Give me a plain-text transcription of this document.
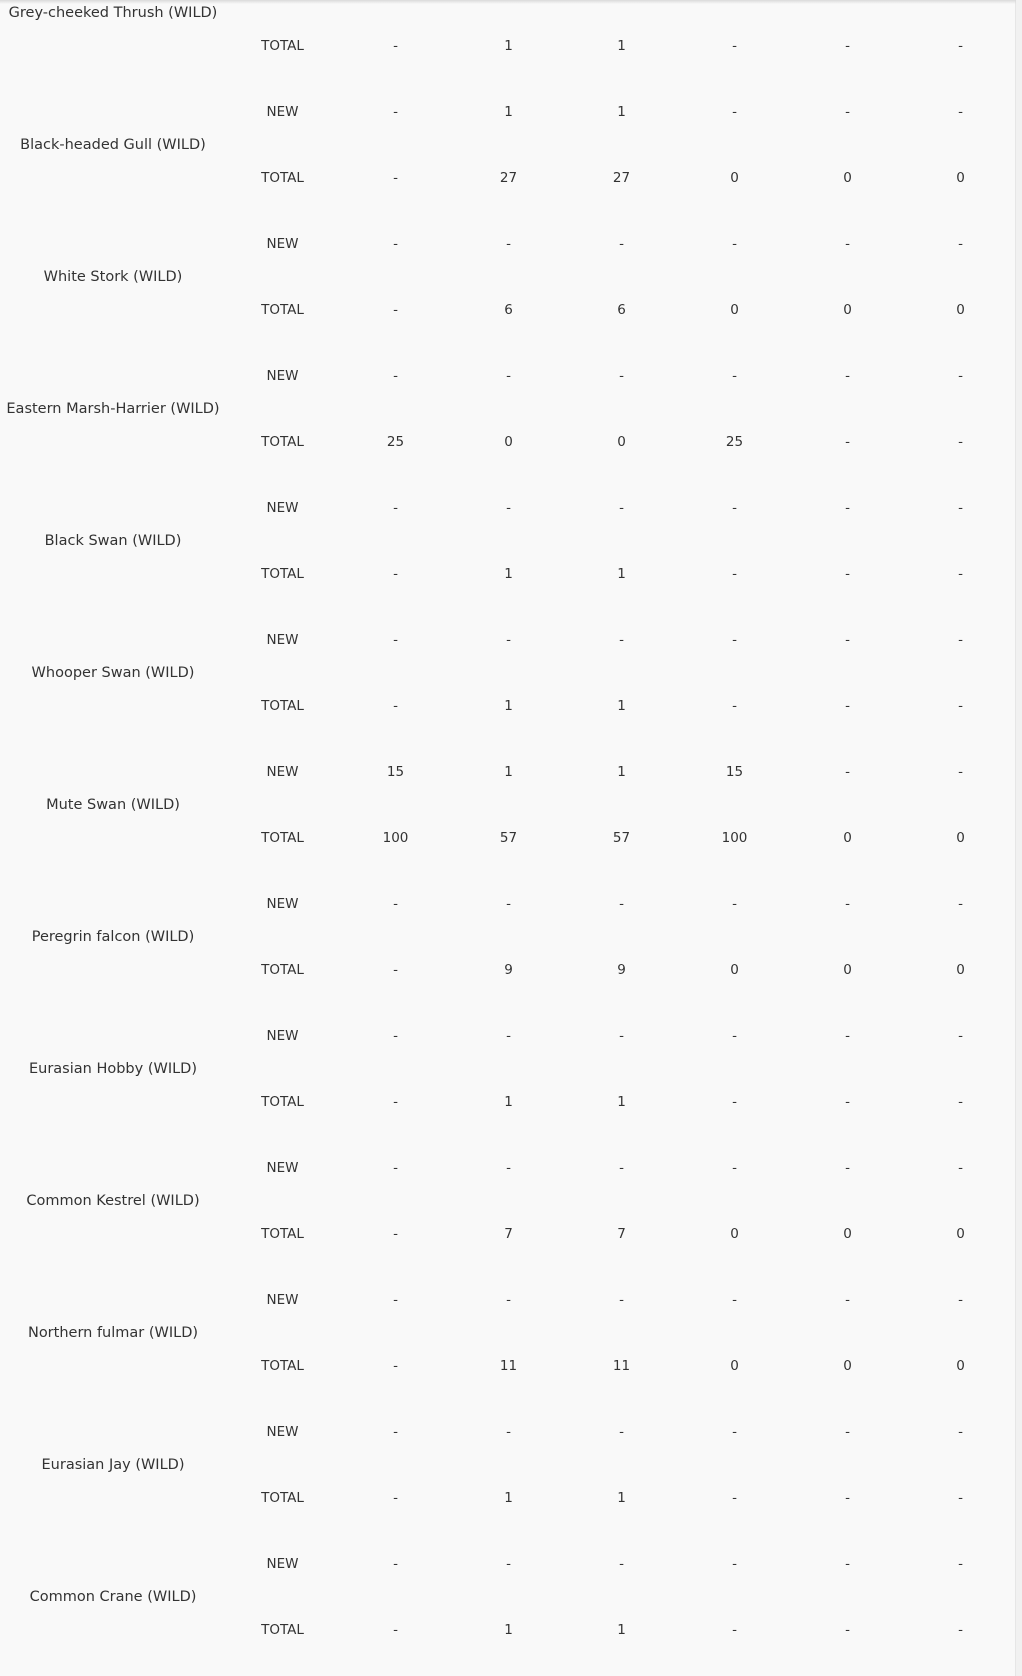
Grey-cheeked Thrush (WILD)
TOTAL	-	1	1	-	-	-
Black-headed Gull (WILD)
NEW	-	1	1	-	-	-
TOTAL	-	27	27	0	0	0
White Stork (WILD)
NEW	-	-	-	-	-	-
TOTAL	-	6	6	0	0	0
Eastern Marsh-Harrier (WILD)
NEW	-	-	-	-	-	-
TOTAL	25	0	0	25	-	-
Black Swan (WILD)
NEW	-	-	-	-	-	-
TOTAL	-	1	1	-	-	-
Whooper Swan (WILD)
NEW	-	-	-	-	-	-
TOTAL	-	1	1	-	-	-
Mute Swan (WILD)
NEW	15	1	1	15	-	-
TOTAL	100	57	57	100	0	0
Peregrin falcon (WILD)
NEW	-	-	-	-	-	-
TOTAL	-	9	9	0	0	0
Eurasian Hobby (WILD)
NEW	-	-	-	-	-	-
TOTAL	-	1	1	-	-	-
Common Kestrel (WILD)
NEW	-	-	-	-	-	-
TOTAL	-	7	7	0	0	0
Northern fulmar (WILD)
NEW	-	-	-	-	-	-
TOTAL	-	11	11	0	0	0
Eurasian Jay (WILD)
NEW	-	-	-	-	-	-
TOTAL	-	1	1	-	-	-
Common Crane (WILD)
NEW	-	-	-	-	-	-
TOTAL	-	1	1	-	-	-
